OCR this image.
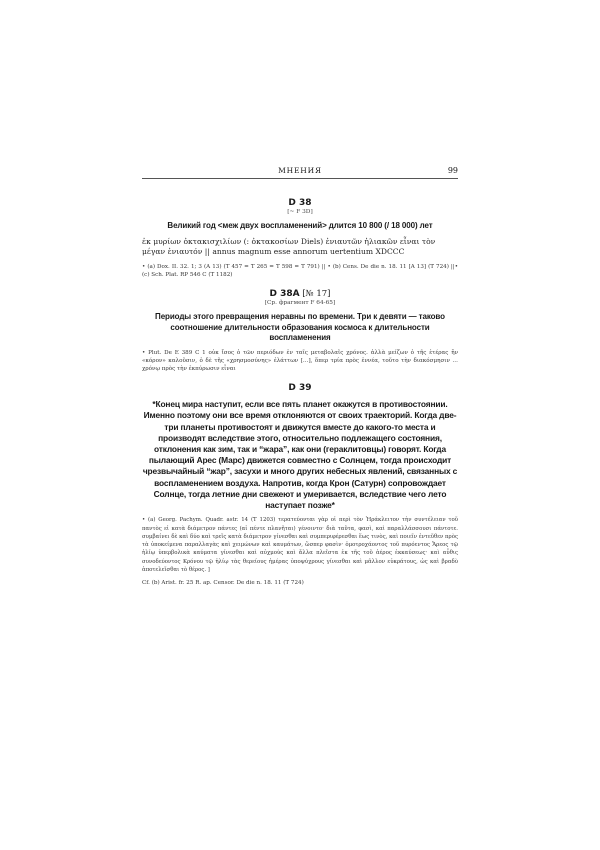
МНЕНИЯ	99
D 38
[~ F 3D]
Великий год <меж двух воспламенений> длится 10 800 (/ 18 000) лет
ἐκ μυρίων ὀκτακισχιλίων (: ὀκτακοσίων Diels) ἐνιαυτῶν ἡλιακῶν εἶναι τὸν μέγαν ἐνιαυτόν || annus magnum esse annorum uertentium XDCCC
• (a) Dox. II. 32. 1; 3 (A 13) (T 457 = T 265 = T 598 = T 791) || • (b) Cens. De die n. 18. 11 [A 13] (T 724) ||• (c) Sch. Plat. RP 546 C (T 1182)
D 38A [№ 17]
[Ср. фрагмент F 64-65]
Периоды этого превращения неравны по времени. Три к девяти — таково соотношение длительности образования космоса к длительности воспламенения
• Plut. De E 389 C 1 οὐκ ἴσος ὁ τῶν περιόδων ἐν ταῖς μεταβολαῖς χρόνος. ἀλλὰ μείζων ὁ τῆς ἑτέρας ἣν «κόρον» καλοῦσιν, ὁ δὲ τῆς «χρησμοσύνης» ἐλάττων […], ὅπερ τρία πρὸς ἐννέα, τοῦτο τὴν διακόσμησιν … χρόνῳ πρὸς τὴν ἐκπύρωσιν εἶναι
D 39
*Конец мира наступит, если все пять планет окажутся в противостоянии. Именно поэтому они все время отклоняются от своих траекторий. Когда две-три планеты противостоят и движутся вместе до какого-то места и производят вследствие этого, относительно подлежащего состояния, отклонения как зим, так и “жара”, как они (гераклитовцы) говорят. Когда пылающий Арес (Марс) движется совместно с Солнцем, тогда происходит чрезвычайный “жар”, засухи и много других небесных явлений, связанных с воспламенением воздуха. Напротив, когда Крон (Сатурн) сопровождает Солнце, тогда летние дни свежеют и умеривается, вследствие чего лето наступает позже*
• (a) Georg. Pachym. Quadr. astr. 14 (T 1203) τερατεύονται γὰρ οἱ περὶ τὸν Ἡράκλειτον τὴν συντέλειαν τοῦ παντὸς εἰ κατὰ διάμετρον πάντες (αἱ πέντε πλανῆται) γένοιντο· διὰ ταῦτα, φασὶ, καὶ παραλλάσσουσι πάντοτε. συμβαίνει δὲ καὶ δύο καὶ τρεῖς κατὰ διάμετρον γίνεσθαι καὶ συμπεριφέρεσθαι ἕως τινὸς, καὶ ποιεῖν ἐντεῦθεν πρὸς τὰ ὑποκείμενα παραλλαγὰς καὶ χειμώνων καὶ καυμάτων, ὥσπερ φασὶν· ὁμοτροχάοντος τοῦ πυρόεντος Ἄρεος τῷ ἡλίῳ ὑπερβολικὰ καύματα γίνεσθαι καὶ αὐχμοὺς καὶ ἄλλα πλεῖστα ἐκ τῆς τοῦ ἀέρος ἐκκαύσεως· καὶ αὖθις συνοδεύοντος Κρόνου τῷ ἡλίῳ τὰς θερείους ἡμέρας ὑποψύχρους γίνεσθαι καὶ μᾶλλον εὐκράτους, ὡς καὶ βραδὺ ἀποτελεῖσθαι τὸ θέρος. ]
Cf. (b) Arist. fr. 25 R. ap. Censor. De die n. 18. 11 (T 724)
